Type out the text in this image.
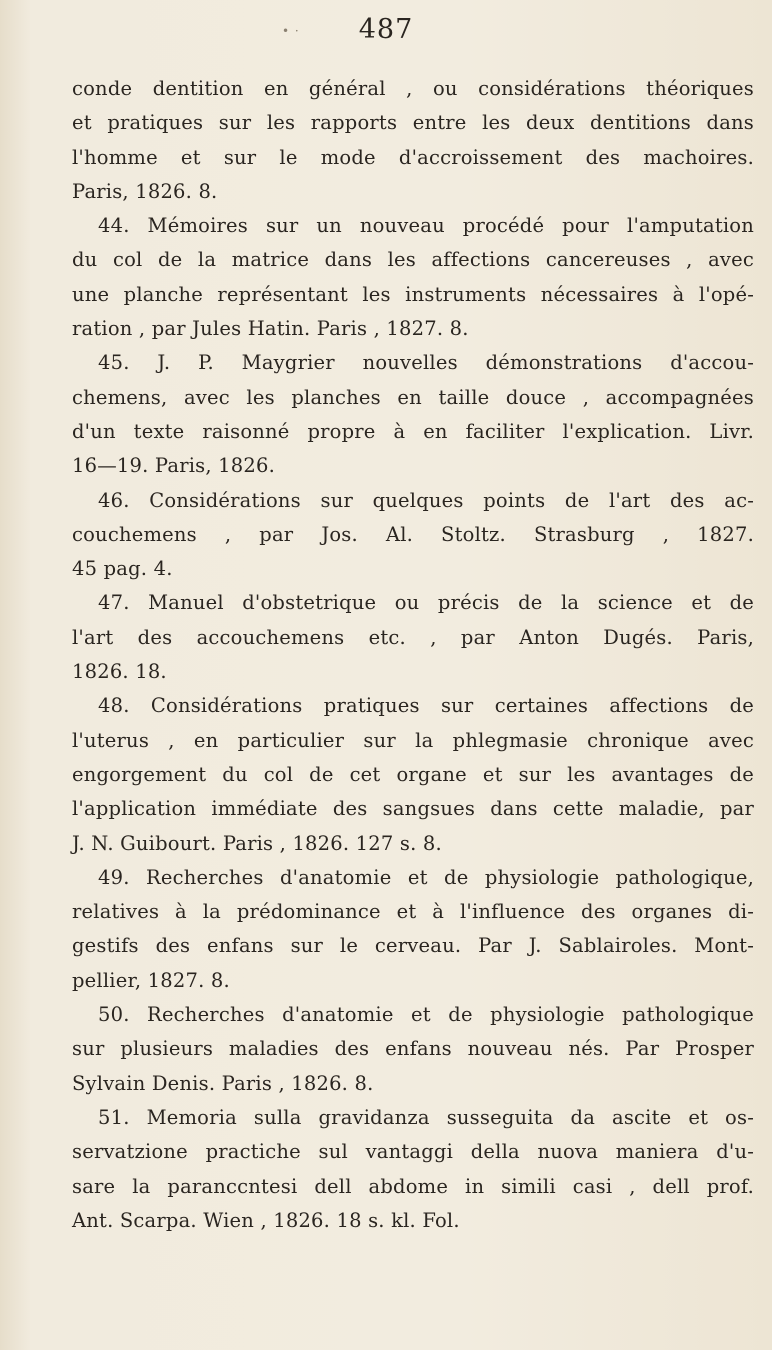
• · 487
conde dentition en général , ou considérations théoriques
et pratiques sur les rapports entre les deux dentitions dans
l'homme et sur le mode d'accroissement des machoires.
Paris, 1826. 8.
44. Mémoires sur un nouveau procédé pour l'amputation
du col de la matrice dans les affections cancereuses , avec
une planche représentant les instruments nécessaires à l'opé-
ration , par Jules Hatin. Paris , 1827. 8.
45. J. P. Maygrier nouvelles démonstrations d'accou-
chemens, avec les planches en taille douce , accompagnées
d'un texte raisonné propre à en faciliter l'explication. Livr.
16—19. Paris, 1826.
46. Considérations sur quelques points de l'art des ac-
couchemens , par Jos. Al. Stoltz. Strasburg , 1827.
45 pag. 4.
47. Manuel d'obstetrique ou précis de la science et de
l'art des accouchemens etc. , par Anton Dugés. Paris,
1826. 18.
48. Considérations pratiques sur certaines affections de
l'uterus , en particulier sur la phlegmasie chronique avec
engorgement du col de cet organe et sur les avantages de
l'application immédiate des sangsues dans cette maladie, par
J. N. Guibourt. Paris , 1826. 127 s. 8.
49. Recherches d'anatomie et de physiologie pathologique,
relatives à la prédominance et à l'influence des organes di-
gestifs des enfans sur le cerveau. Par J. Sablairoles. Mont-
pellier, 1827. 8.
50. Recherches d'anatomie et de physiologie pathologique
sur plusieurs maladies des enfans nouveau nés. Par Prosper
Sylvain Denis. Paris , 1826. 8.
51. Memoria sulla gravidanza susseguita da ascite et os-
servatzione practiche sul vantaggi della nuova maniera d'u-
sare la paranccntesi dell abdome in simili casi , dell prof.
Ant. Scarpa. Wien , 1826. 18 s. kl. Fol.
